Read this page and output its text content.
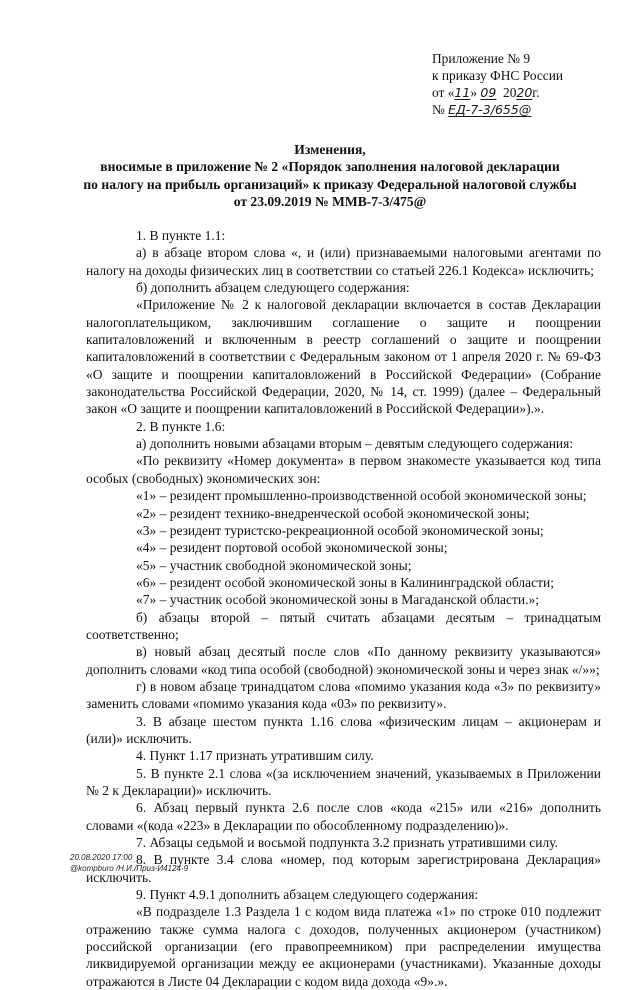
Приложение № 9
к приказу ФНС России
от «11» 09 2020г.
№ ЕД-7-3/655@
Изменения,
вносимые в приложение № 2 «Порядок заполнения налоговой декларации
по налогу на прибыль организаций» к приказу Федеральной налоговой службы
от 23.09.2019 № ММВ-7-3/475@

1. В пункте 1.1:

а) в абзаце втором слова «, и (или) признаваемыми налоговыми агентами по налогу на доходы физических лиц в соответствии со статьей 226.1 Кодекса» исключить;

б) дополнить абзацем следующего содержания:

«Приложение № 2 к налоговой декларации включается в состав Декларации налогоплательщиком, заключившим соглашение о защите и поощрении капиталовложений и включенным в реестр соглашений о защите и поощрении капиталовложений в соответствии с Федеральным законом от 1 апреля 2020 г. № 69-ФЗ «О защите и поощрении капиталовложений в Российской Федерации» (Собрание законодательства Российской Федерации, 2020, № 14, ст. 1999) (далее – Федеральный закон «О защите и поощрении капиталовложений в Российской Федерации»).».

2. В пункте 1.6:

а) дополнить новыми абзацами вторым – девятым следующего содержания:

«По реквизиту «Номер документа» в первом знакоместе указывается код типа особых (свободных) экономических зон:

«1» – резидент промышленно-производственной особой экономической зоны;

«2» – резидент технико-внедренческой особой экономической зоны;

«3» – резидент туристско-рекреационной особой экономической зоны;

«4» – резидент портовой особой экономической зоны;

«5» – участник свободной экономической зоны;

«6» – резидент особой экономической зоны в Калининградской области;

«7» – участник особой экономической зоны в Магаданской области.»;

б) абзацы второй – пятый считать абзацами десятым – тринадцатым соответственно;

в) новый абзац десятый после слов «По данному реквизиту указываются» дополнить словами «код типа особой (свободной) экономической зоны и через знак «/»»;

г) в новом абзаце тринадцатом слова «помимо указания кода «3» по реквизиту» заменить словами «помимо указания кода «03» по реквизиту».

3. В абзаце шестом пункта 1.16 слова «физическим лицам – акционерам и (или)» исключить.

4. Пункт 1.17 признать утратившим силу.

5. В пункте 2.1 слова «(за исключением значений, указываемых в Приложении № 2 к Декларации)» исключить.

6. Абзац первый пункта 2.6 после слов «кода «215» или «216» дополнить словами «(кода «223» в Декларации по обособленному подразделению)».

7. Абзацы седьмой и восьмой подпункта 3.2 признать утратившими силу.

8. В пункте 3.4 слова «номер, под которым зарегистрирована Декларация» исключить.

9. Пункт 4.9.1 дополнить абзацем следующего содержания:

«В подразделе 1.3 Раздела 1 с кодом вида платежа «1» по строке 010 подлежит отражению также сумма налога с доходов, полученных акционером (участником) российской организации (его правопреемником) при распределении имущества ликвидируемой организации между ее акционерами (участниками). Указанные доходы отражаются в Листе 04 Декларации с кодом вида дохода «9».».

20.08.2020 17:00
@kompburo /Н.И./Приз-И4124-9
